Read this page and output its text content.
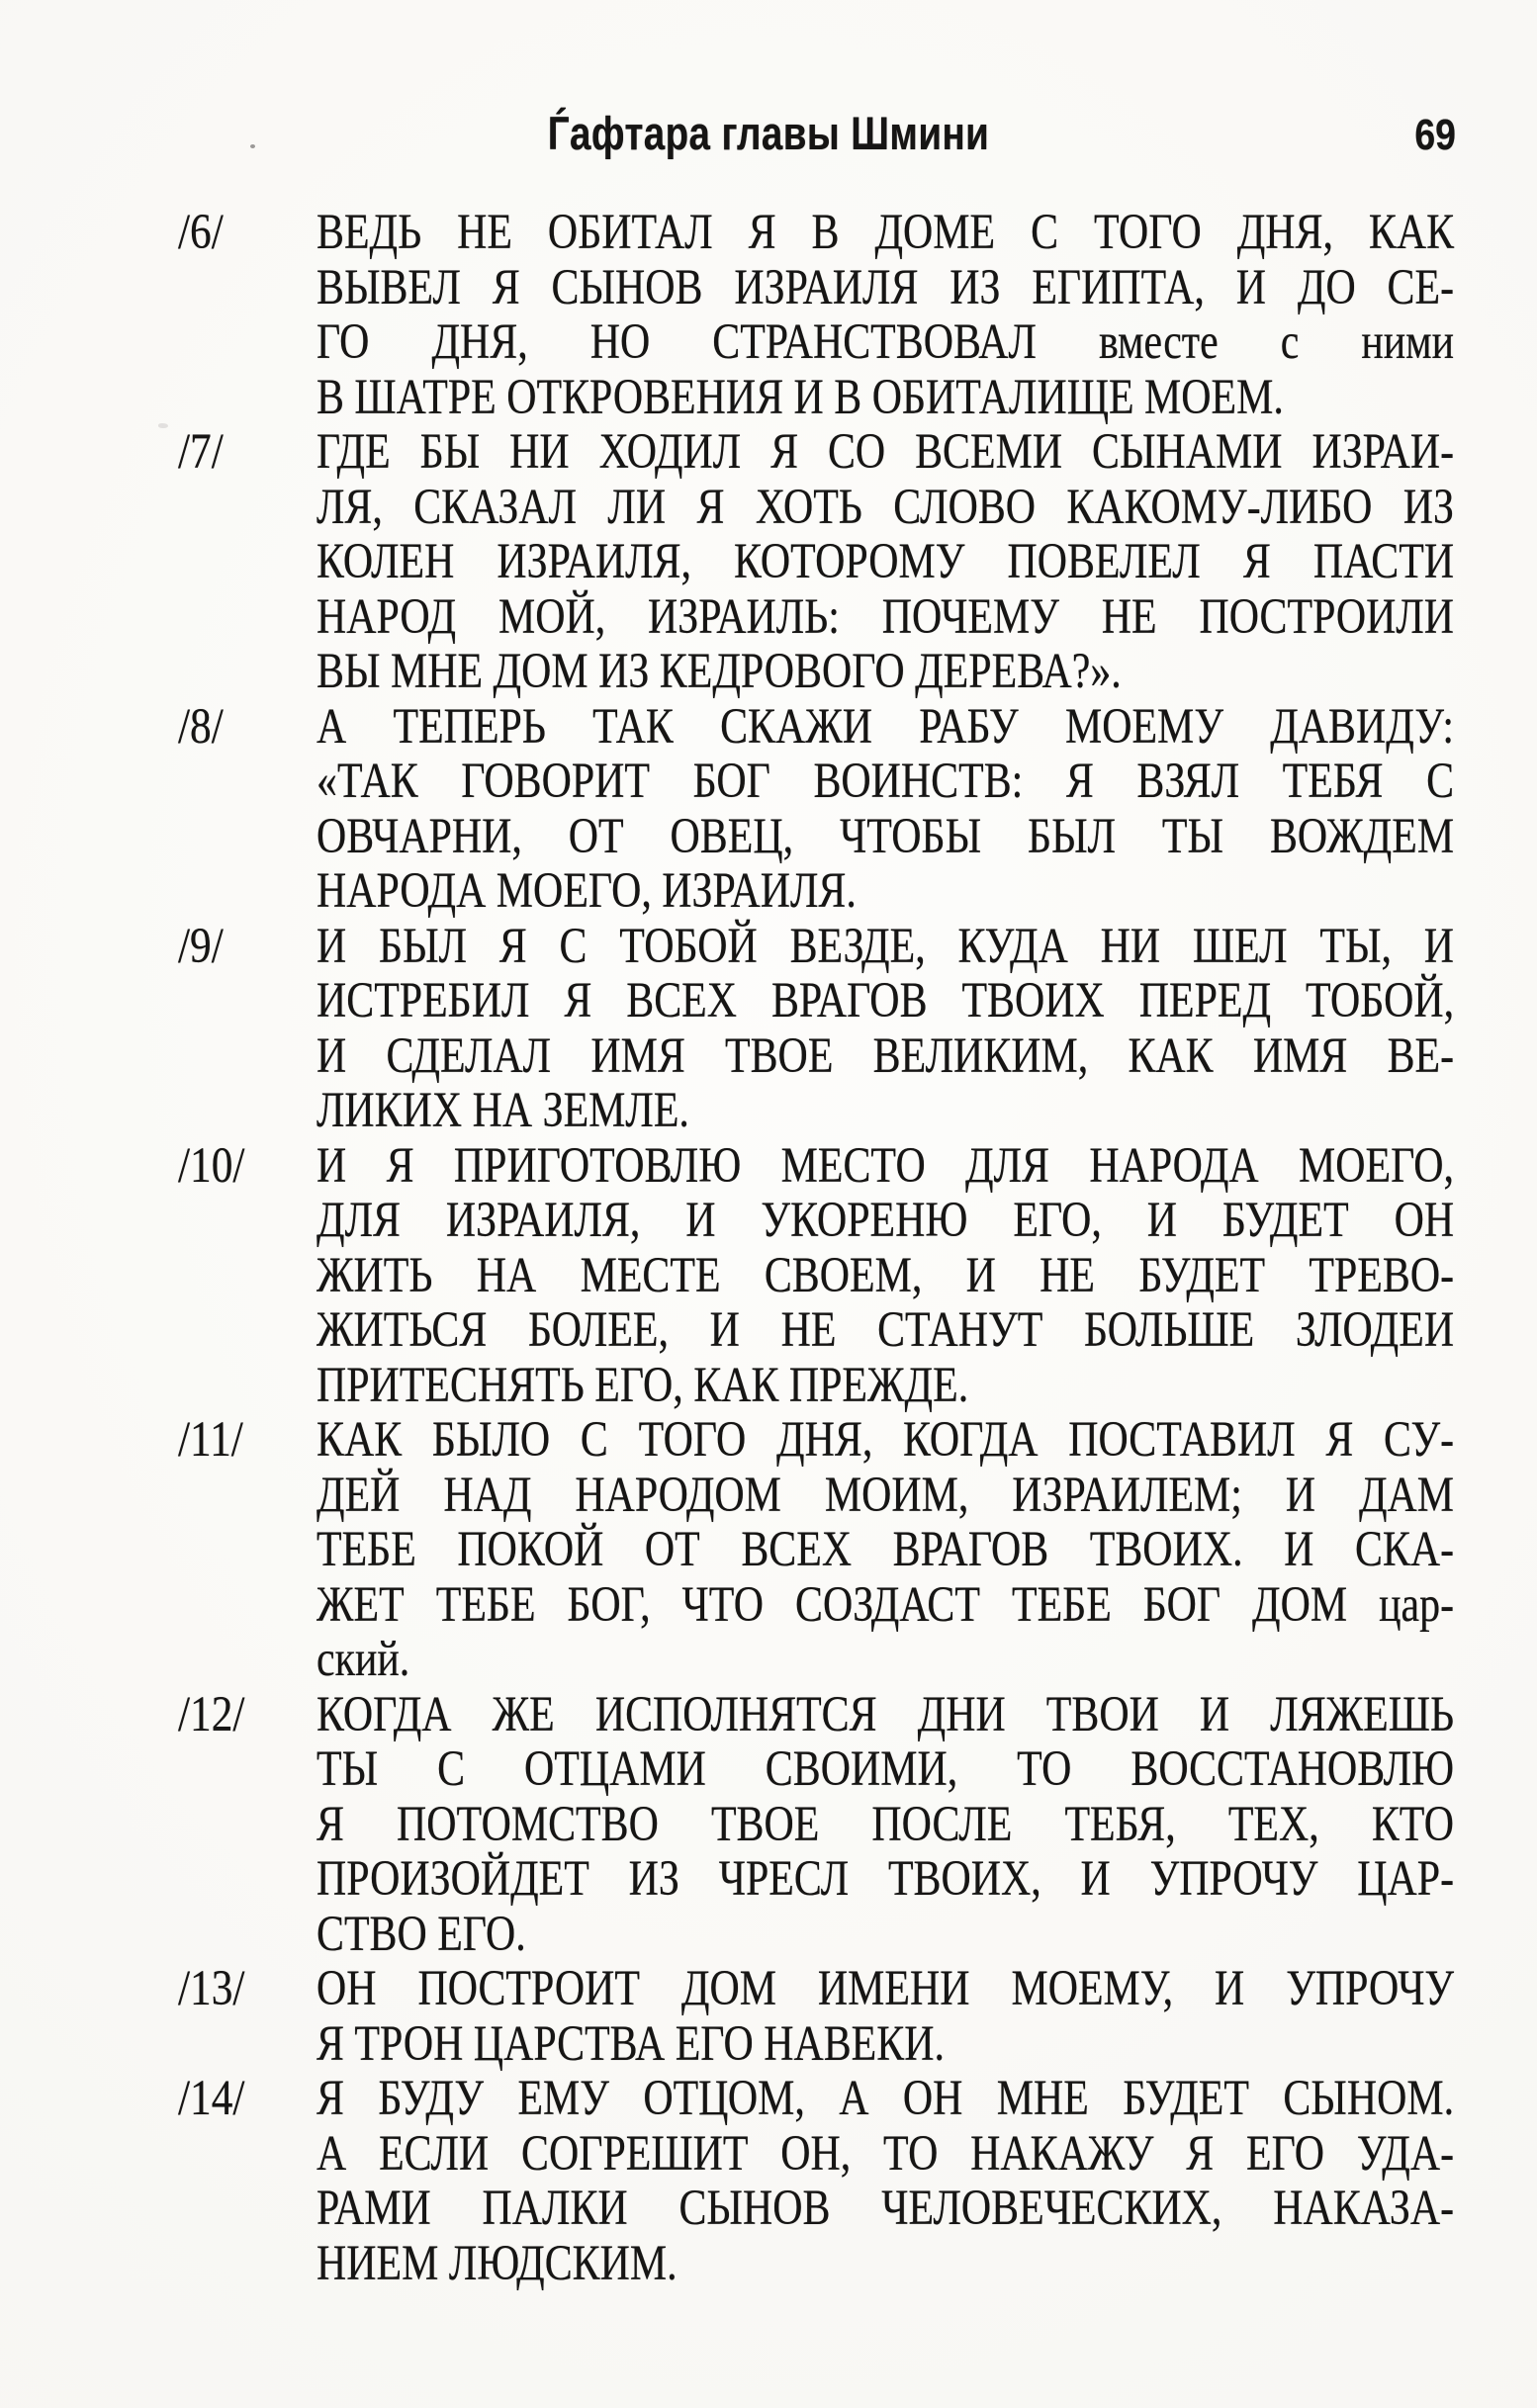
Ѓафтара главы Шмини	69
/6/ ВЕДЬ НЕ ОБИТАЛ Я В ДОМЕ С ТОГО ДНЯ, КАК
ВЫВЕЛ Я СЫНОВ ИЗРАИЛЯ ИЗ ЕГИПТА, И ДО СЕ-
ГО ДНЯ, НО СТРАНСТВОВАЛ вместе с ними
В ШАТРЕ ОТКРОВЕНИЯ И В ОБИТАЛИЩЕ МОЕМ.
/7/ ГДЕ БЫ НИ ХОДИЛ Я СО ВСЕМИ СЫНАМИ ИЗРАИ-
ЛЯ, СКАЗАЛ ЛИ Я ХОТЬ СЛОВО КАКОМУ-ЛИБО ИЗ
КОЛЕН ИЗРАИЛЯ, КОТОРОМУ ПОВЕЛЕЛ Я ПАСТИ
НАРОД МОЙ, ИЗРАИЛЬ: ПОЧЕМУ НЕ ПОСТРОИЛИ
ВЫ МНЕ ДОМ ИЗ КЕДРОВОГО ДЕРЕВА?».
/8/ А ТЕПЕРЬ ТАК СКАЖИ РАБУ МОЕМУ ДАВИДУ:
«ТАК ГОВОРИТ БОГ ВОИНСТВ: Я ВЗЯЛ ТЕБЯ С
ОВЧАРНИ, ОТ ОВЕЦ, ЧТОБЫ БЫЛ ТЫ ВОЖДЕМ
НАРОДА МОЕГО, ИЗРАИЛЯ.
/9/ И БЫЛ Я С ТОБОЙ ВЕЗДЕ, КУДА НИ ШЕЛ ТЫ, И
ИСТРЕБИЛ Я ВСЕХ ВРАГОВ ТВОИХ ПЕРЕД ТОБОЙ,
И СДЕЛАЛ ИМЯ ТВОЕ ВЕЛИКИМ, КАК ИМЯ ВЕ-
ЛИКИХ НА ЗЕМЛЕ.
/10/ И Я ПРИГОТОВЛЮ МЕСТО ДЛЯ НАРОДА МОЕГО,
ДЛЯ ИЗРАИЛЯ, И УКОРЕНЮ ЕГО, И БУДЕТ ОН
ЖИТЬ НА МЕСТЕ СВОЕМ, И НЕ БУДЕТ ТРЕВО-
ЖИТЬСЯ БОЛЕЕ, И НЕ СТАНУТ БОЛЬШЕ ЗЛОДЕИ
ПРИТЕСНЯТЬ ЕГО, КАК ПРЕЖДЕ.
/11/ КАК БЫЛО С ТОГО ДНЯ, КОГДА ПОСТАВИЛ Я СУ-
ДЕЙ НАД НАРОДОМ МОИМ, ИЗРАИЛЕМ; И ДАМ
ТЕБЕ ПОКОЙ ОТ ВСЕХ ВРАГОВ ТВОИХ. И СКА-
ЖЕТ ТЕБЕ БОГ, ЧТО СОЗДАСТ ТЕБЕ БОГ ДОМ цар-
ский.
/12/ КОГДА ЖЕ ИСПОЛНЯТСЯ ДНИ ТВОИ И ЛЯЖЕШЬ
ТЫ С ОТЦАМИ СВОИМИ, ТО ВОССТАНОВЛЮ
Я ПОТОМСТВО ТВОЕ ПОСЛЕ ТЕБЯ, ТЕХ, КТО
ПРОИЗОЙДЕТ ИЗ ЧРЕСЛ ТВОИХ, И УПРОЧУ ЦАР-
СТВО ЕГО.
/13/ ОН ПОСТРОИТ ДОМ ИМЕНИ МОЕМУ, И УПРОЧУ
Я ТРОН ЦАРСТВА ЕГО НАВЕКИ.
/14/ Я БУДУ ЕМУ ОТЦОМ, А ОН МНЕ БУДЕТ СЫНОМ.
А ЕСЛИ СОГРЕШИТ ОН, ТО НАКАЖУ Я ЕГО УДА-
РАМИ ПАЛКИ СЫНОВ ЧЕЛОВЕЧЕСКИХ, НАКАЗА-
НИЕМ ЛЮДСКИМ.
